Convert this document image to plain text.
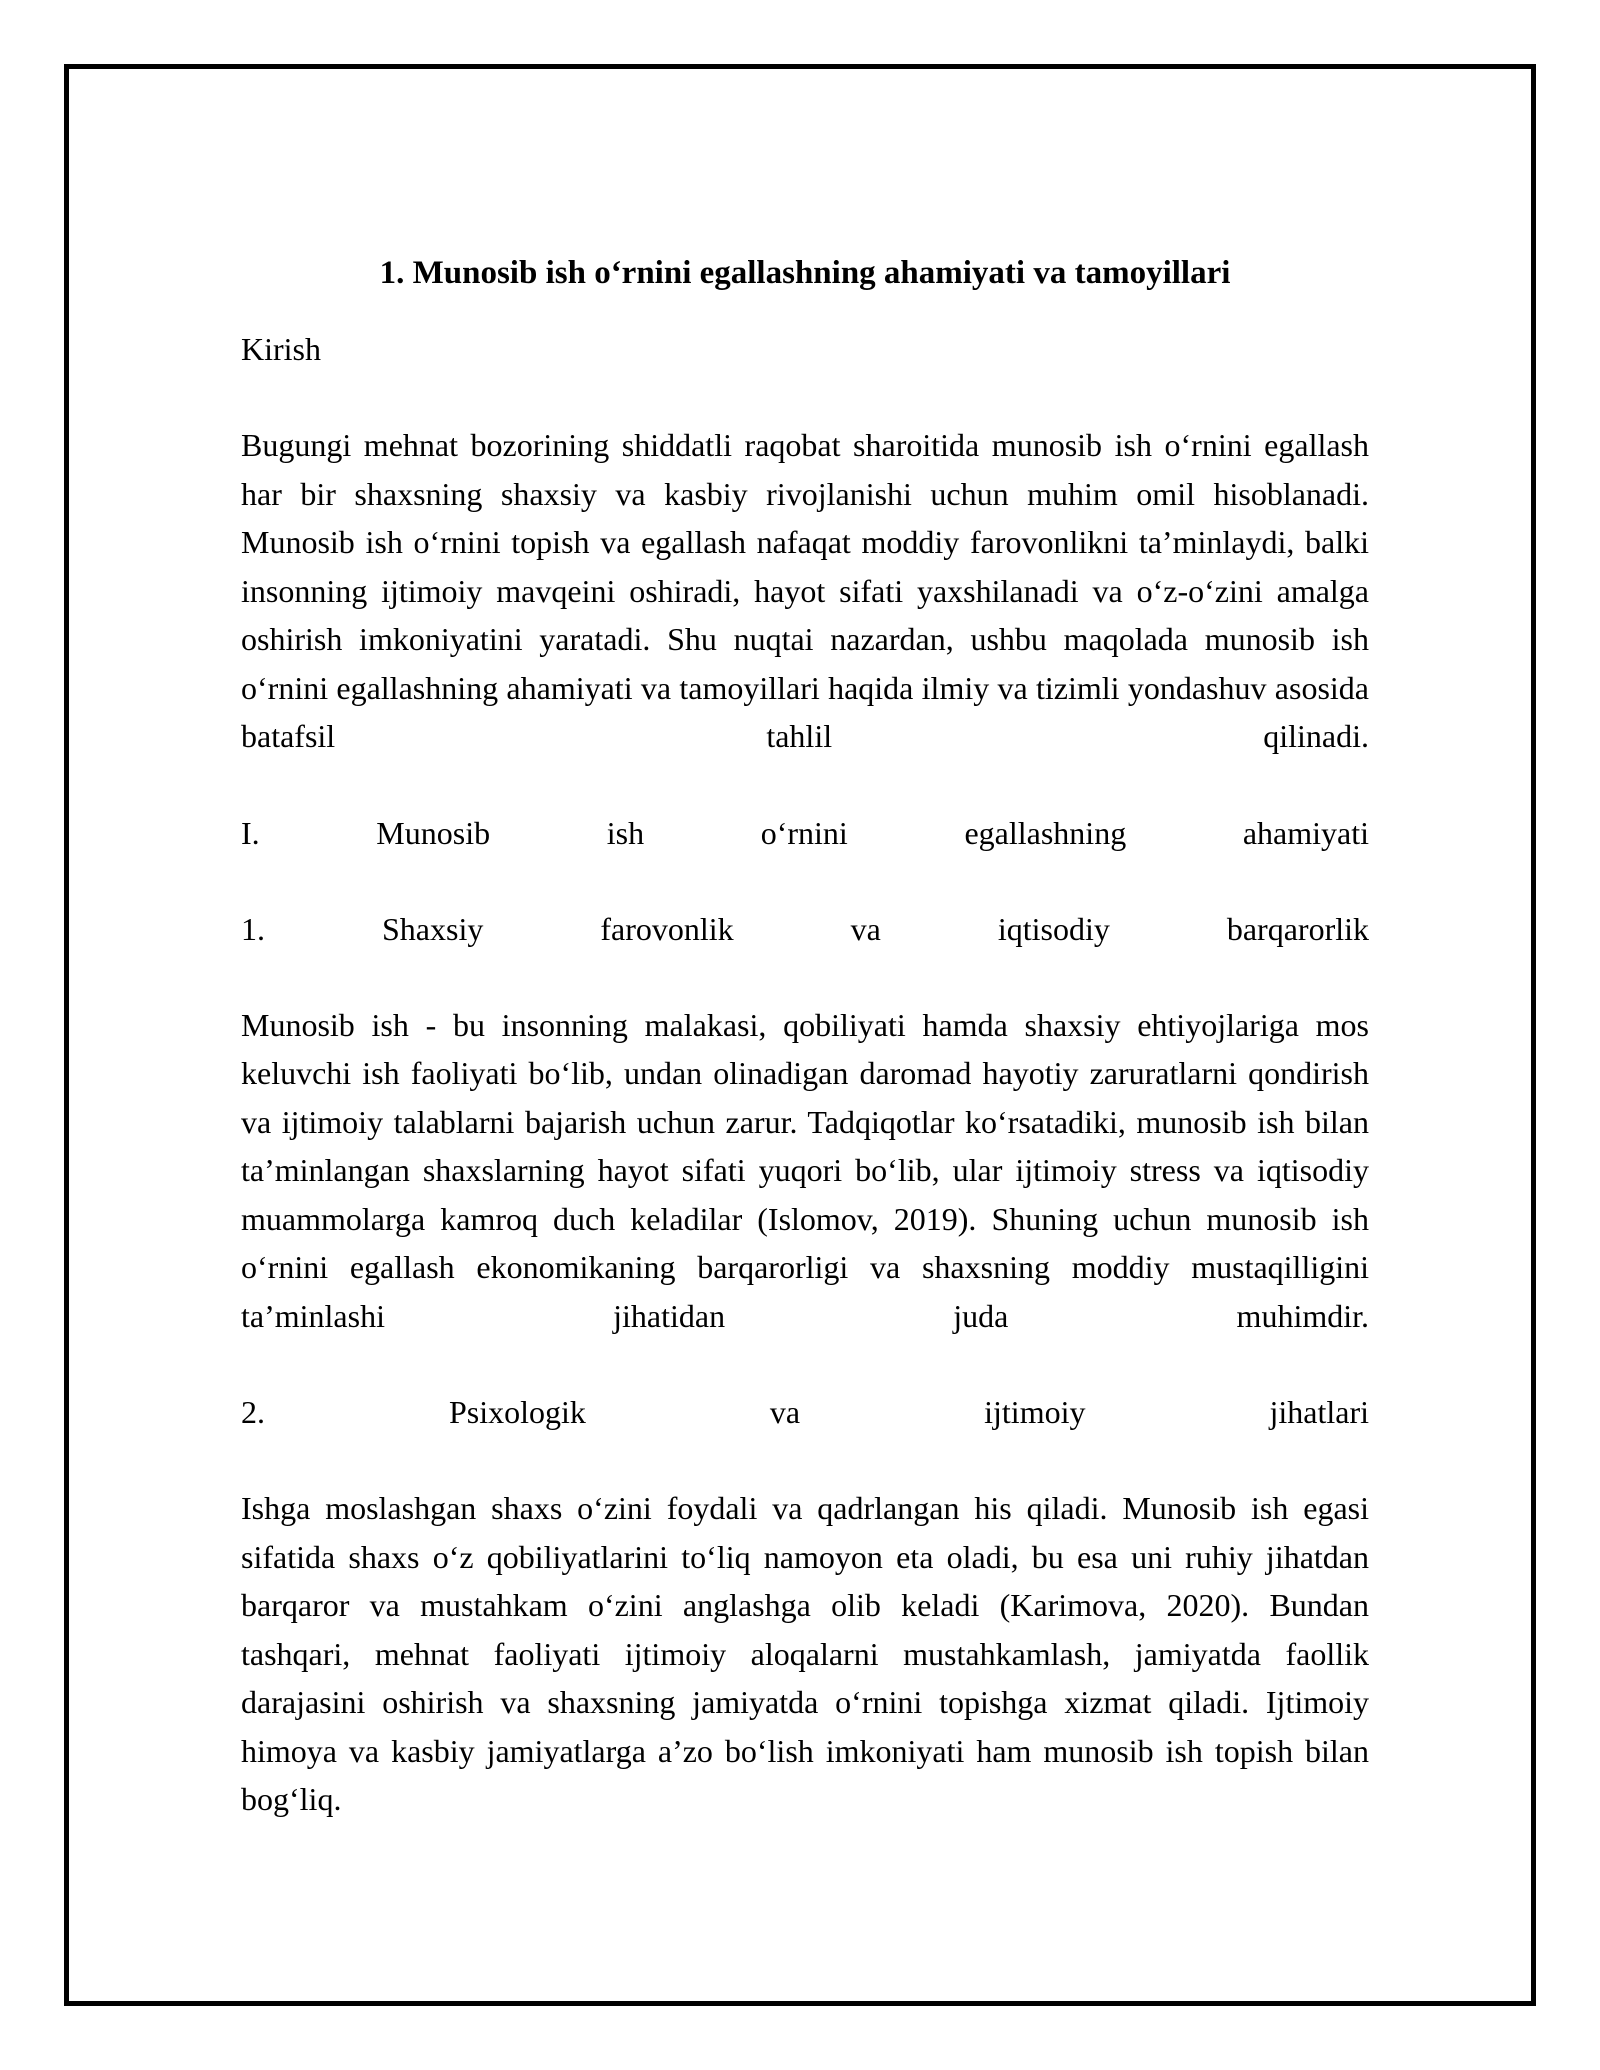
1. Munosib ish o‘rnini egallashning ahamiyati va tamoyillari
Kirish
Bugungi mehnat bozorining shiddatli raqobat sharoitida munosib ish o‘rnini egallash har bir shaxsning shaxsiy va kasbiy rivojlanishi uchun muhim omil hisoblanadi. Munosib ish o‘rnini topish va egallash nafaqat moddiy farovonlikni ta’minlaydi, balki insonning ijtimoiy mavqeini oshiradi, hayot sifati yaxshilanadi va o‘z-o‘zini amalga oshirish imkoniyatini yaratadi. Shu nuqtai nazardan, ushbu maqolada munosib ish o‘rnini egallashning ahamiyati va tamoyillari haqida ilmiy va tizimli yondashuv asosida batafsil tahlil qilinadi.
I. Munosib ish o‘rnini egallashning ahamiyati
1. Shaxsiy farovonlik va iqtisodiy barqarorlik
Munosib ish - bu insonning malakasi, qobiliyati hamda shaxsiy ehtiyojlariga mos keluvchi ish faoliyati bo‘lib, undan olinadigan daromad hayotiy zaruratlarni qondirish va ijtimoiy talablarni bajarish uchun zarur. Tadqiqotlar ko‘rsatadiki, munosib ish bilan ta’minlangan shaxslarning hayot sifati yuqori bo‘lib, ular ijtimoiy stress va iqtisodiy muammolarga kamroq duch keladilar (Islomov, 2019). Shuning uchun munosib ish o‘rnini egallash ekonomikaning barqarorligi va shaxsning moddiy mustaqilligini ta’minlashi jihatidan juda muhimdir.
2. Psixologik va ijtimoiy jihatlari
Ishga moslashgan shaxs o‘zini foydali va qadrlangan his qiladi. Munosib ish egasi sifatida shaxs o‘z qobiliyatlarini to‘liq namoyon eta oladi, bu esa uni ruhiy jihatdan barqaror va mustahkam o‘zini anglashga olib keladi (Karimova, 2020). Bundan tashqari, mehnat faoliyati ijtimoiy aloqalarni mustahkamlash, jamiyatda faollik darajasini oshirish va shaxsning jamiyatda o‘rnini topishga xizmat qiladi. Ijtimoiy himoya va kasbiy jamiyatlarga a’zo bo‘lish imkoniyati ham munosib ish topish bilan bog‘liq.
